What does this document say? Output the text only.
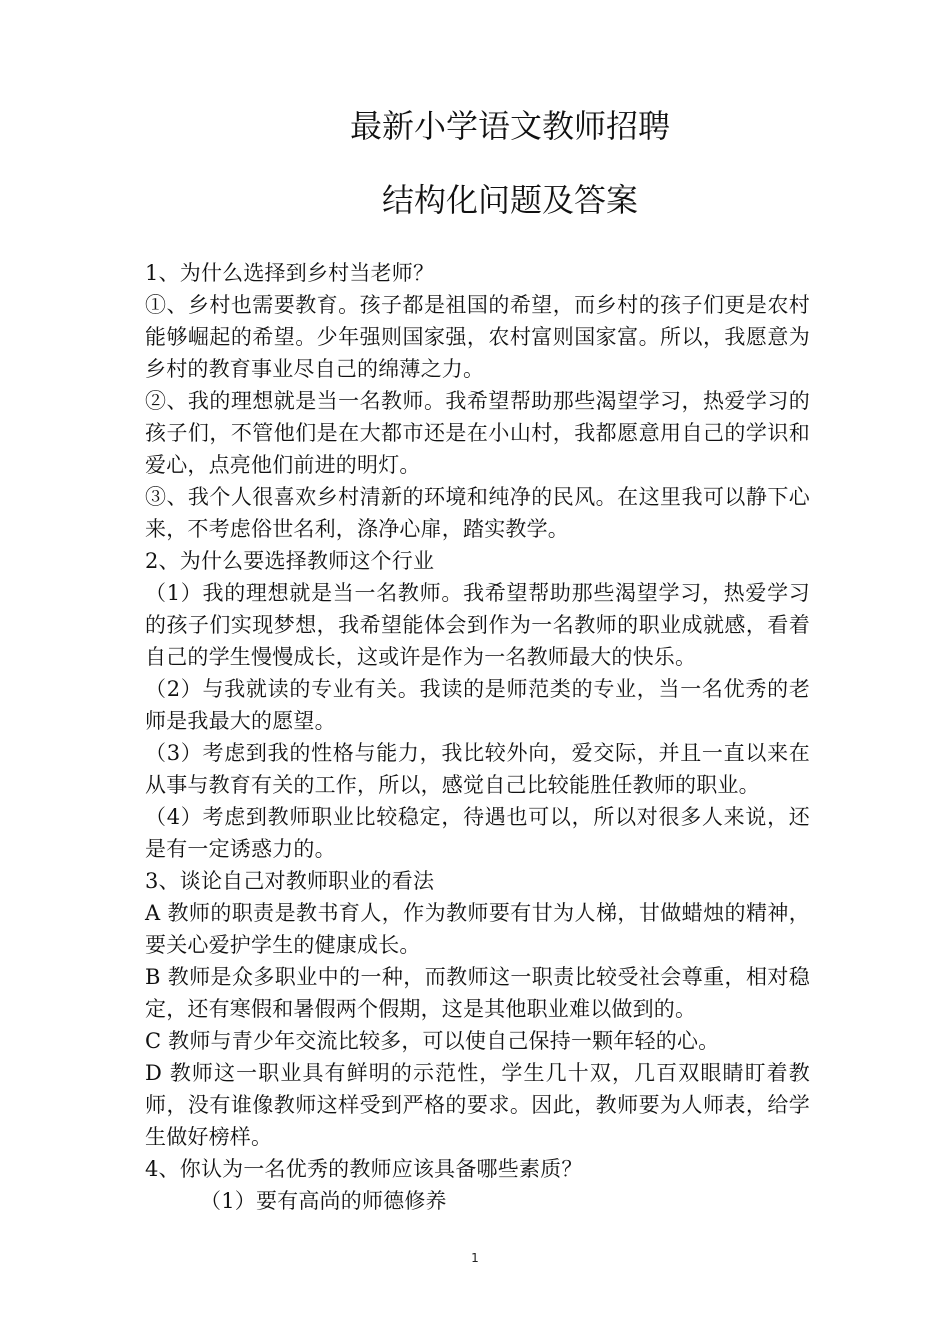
最新小学语文教师招聘
结构化问题及答案

1、为什么选择到乡村当老师？

①、乡村也需要教育。孩子都是祖国的希望，而乡村的孩子们更是农村能够崛起的希望。少年强则国家强，农村富则国家富。所以，我愿意为乡村的教育事业尽自己的绵薄之力。

②、我的理想就是当一名教师。我希望帮助那些渴望学习，热爱学习的孩子们，不管他们是在大都市还是在小山村，我都愿意用自己的学识和爱心，点亮他们前进的明灯。

③、我个人很喜欢乡村清新的环境和纯净的民风。在这里我可以静下心来，不考虑俗世名利，涤净心扉，踏实教学。

2、为什么要选择教师这个行业

（1）我的理想就是当一名教师。我希望帮助那些渴望学习，热爱学习的孩子们实现梦想，我希望能体会到作为一名教师的职业成就感，看着自己的学生慢慢成长，这或许是作为一名教师最大的快乐。

（2）与我就读的专业有关。我读的是师范类的专业，当一名优秀的老师是我最大的愿望。

（3）考虑到我的性格与能力，我比较外向，爱交际，并且一直以来在从事与教育有关的工作，所以，感觉自己比较能胜任教师的职业。

（4）考虑到教师职业比较稳定，待遇也可以，所以对很多人来说，还是有一定诱惑力的。

3、谈论自己对教师职业的看法

A 教师的职责是教书育人，作为教师要有甘为人梯，甘做蜡烛的精神，要关心爱护学生的健康成长。

B 教师是众多职业中的一种，而教师这一职责比较受社会尊重，相对稳定，还有寒假和暑假两个假期，这是其他职业难以做到的。

C 教师与青少年交流比较多，可以使自己保持一颗年轻的心。

D 教师这一职业具有鲜明的示范性，学生几十双，几百双眼睛盯着教师，没有谁像教师这样受到严格的要求。因此，教师要为人师表，给学生做好榜样。

4、你认为一名优秀的教师应该具备哪些素质？

（1）要有高尚的师德修养

1
